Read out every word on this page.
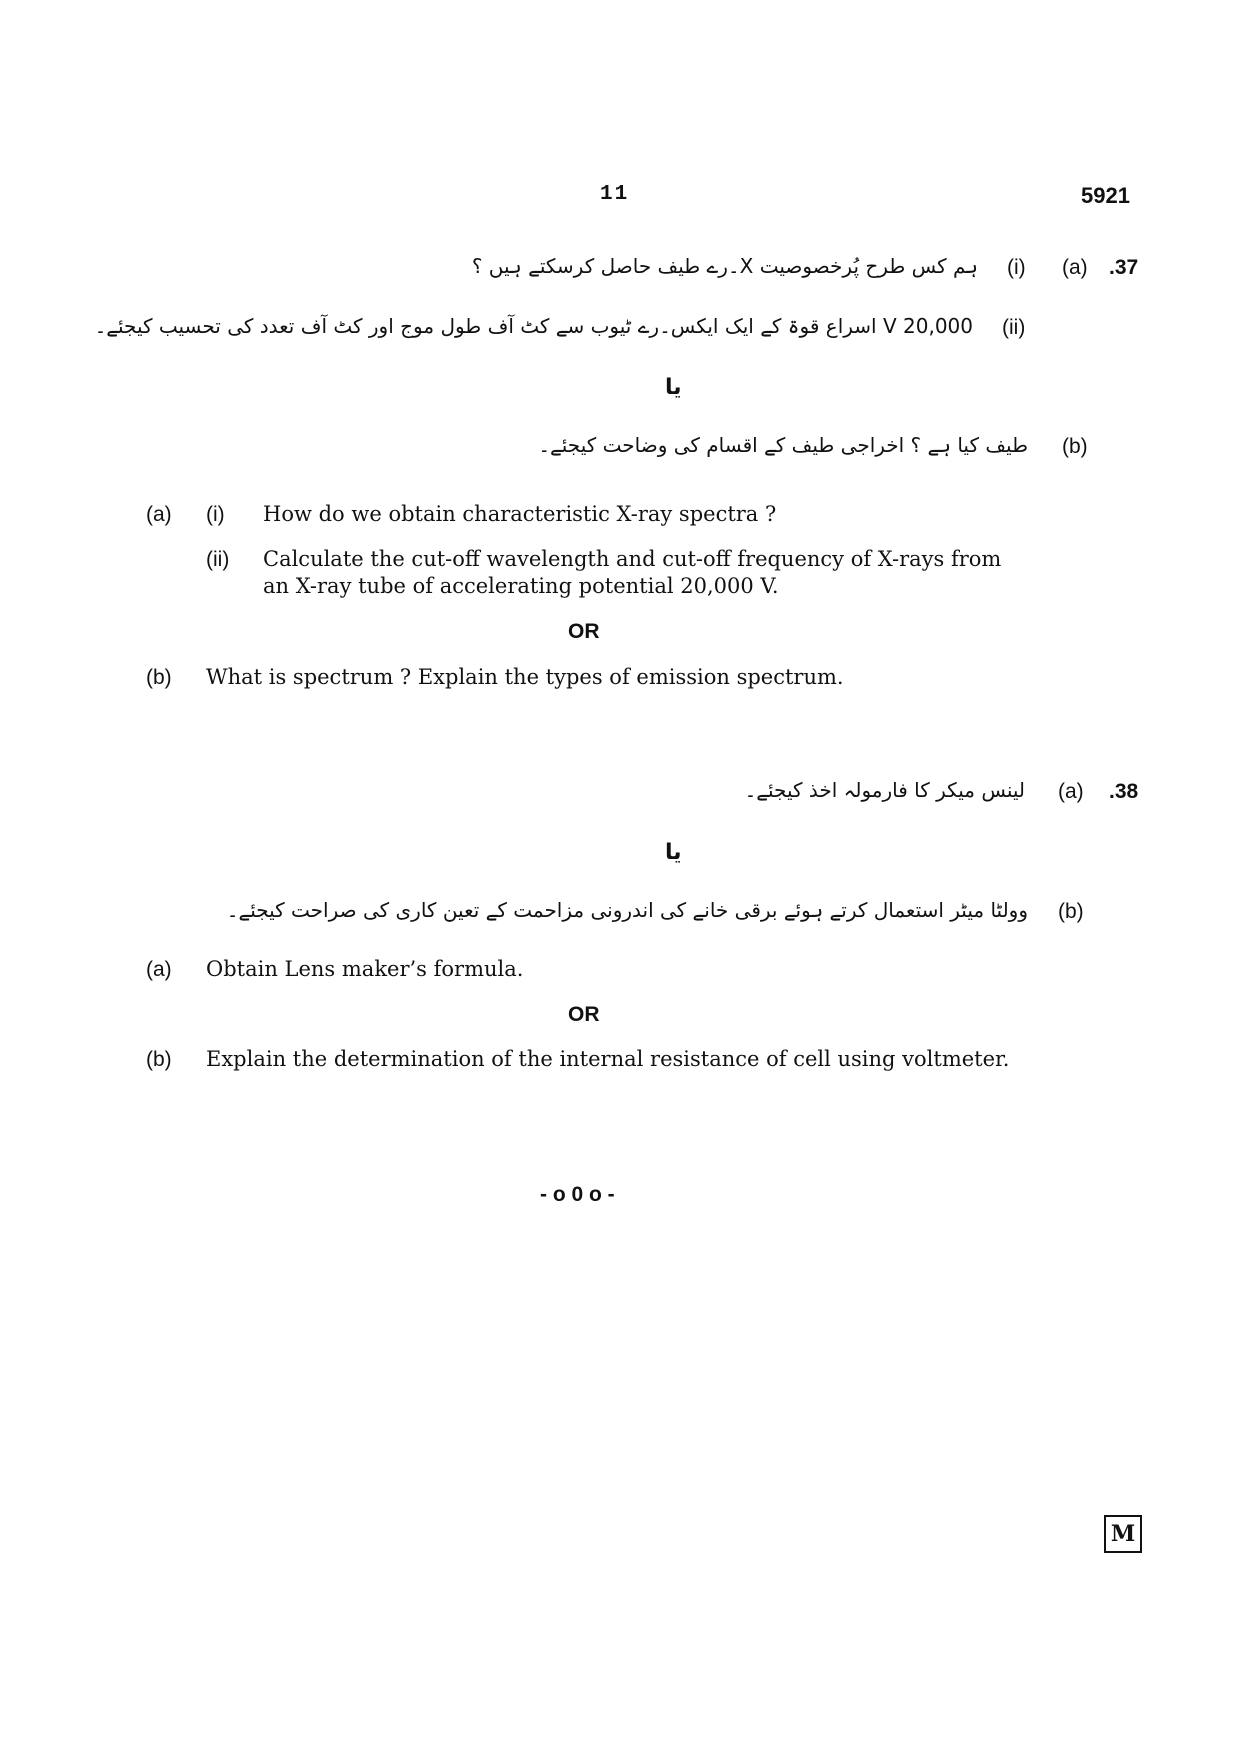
11	5921
.37
(a)
(i)
ہم کس طرح پُرخصوصیت X۔رے طیف حاصل کرسکتے ہیں ؟
(ii)
20,000 V اسراع قوۃ کے ایک ایکس۔رے ٹیوب سے کٹ آف طول موج اور کٹ آف تعدد کی تحسیب کیجئے۔
یا
(b)
طیف کیا ہے ؟ اخراجی طیف کے اقسام کی وضاحت کیجئے۔
(a) (i) How do we obtain characteristic X-ray spectra ?
(ii) Calculate the cut-off wavelength and cut-off frequency of X-rays from
an X-ray tube of accelerating potential 20,000 V.
OR
(b) What is spectrum ? Explain the types of emission spectrum.
.38
(a)
لینس میکر کا فارمولہ اخذ کیجئے۔
یا
(b)
وولٹا میٹر استعمال کرتے ہوئے برقی خانے کی اندرونی مزاحمت کے تعین کاری کی صراحت کیجئے۔
(a) Obtain Lens maker’s formula.
OR
(b) Explain the determination of the internal resistance of cell using voltmeter.
- o 0 o -
M
